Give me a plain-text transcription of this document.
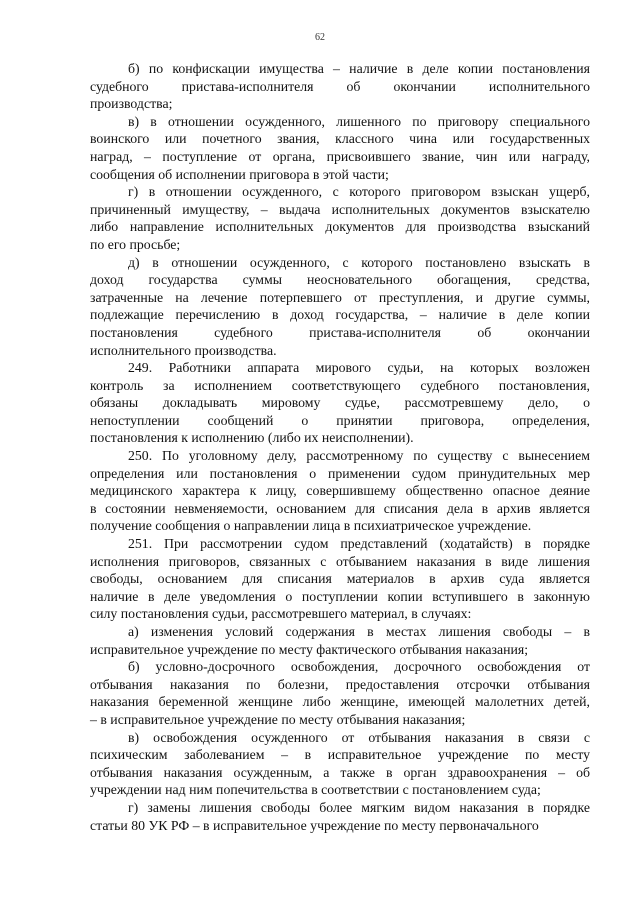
62
б) по конфискации имущества – наличие в деле копии постановления
судебного пристава-исполнителя об окончании исполнительного
производства;
в) в отношении осужденного, лишенного по приговору специального
воинского или почетного звания, классного чина или государственных
наград, – поступление от органа, присвоившего звание, чин или награду,
сообщения об исполнении приговора в этой части;
г) в отношении осужденного, с которого приговором взыскан ущерб,
причиненный имуществу, – выдача исполнительных документов взыскателю
либо направление исполнительных документов для производства взысканий
по его просьбе;
д) в отношении осужденного, с которого постановлено взыскать в
доход государства суммы неосновательного обогащения, средства,
затраченные на лечение потерпевшего от преступления, и другие суммы,
подлежащие перечислению в доход государства, – наличие в деле копии
постановления судебного пристава-исполнителя об окончании
исполнительного производства.
249. Работники аппарата мирового судьи, на которых возложен
контроль за исполнением соответствующего судебного постановления,
обязаны докладывать мировому судье, рассмотревшему дело, о
непоступлении сообщений о принятии приговора, определения,
постановления к исполнению (либо их неисполнении).
250. По уголовному делу, рассмотренному по существу с вынесением
определения или постановления о применении судом принудительных мер
медицинского характера к лицу, совершившему общественно опасное деяние
в состоянии невменяемости, основанием для списания дела в архив является
получение сообщения о направлении лица в психиатрическое учреждение.
251. При рассмотрении судом представлений (ходатайств) в порядке
исполнения приговоров, связанных с отбыванием наказания в виде лишения
свободы, основанием для списания материалов в архив суда является
наличие в деле уведомления о поступлении копии вступившего в законную
силу постановления судьи, рассмотревшего материал, в случаях:
а) изменения условий содержания в местах лишения свободы – в
исправительное учреждение по месту фактического отбывания наказания;
б) условно-досрочного освобождения, досрочного освобождения от
отбывания наказания по болезни, предоставления отсрочки отбывания
наказания беременной женщине либо женщине, имеющей малолетних детей,
– в исправительное учреждение по месту отбывания наказания;
в) освобождения осужденного от отбывания наказания в связи с
психическим заболеванием – в исправительное учреждение по месту
отбывания наказания осужденным, а также в орган здравоохранения – об
учреждении над ним попечительства в соответствии с постановлением суда;
г) замены лишения свободы более мягким видом наказания в порядке
статьи 80 УК РФ – в исправительное учреждение по месту первоначального
